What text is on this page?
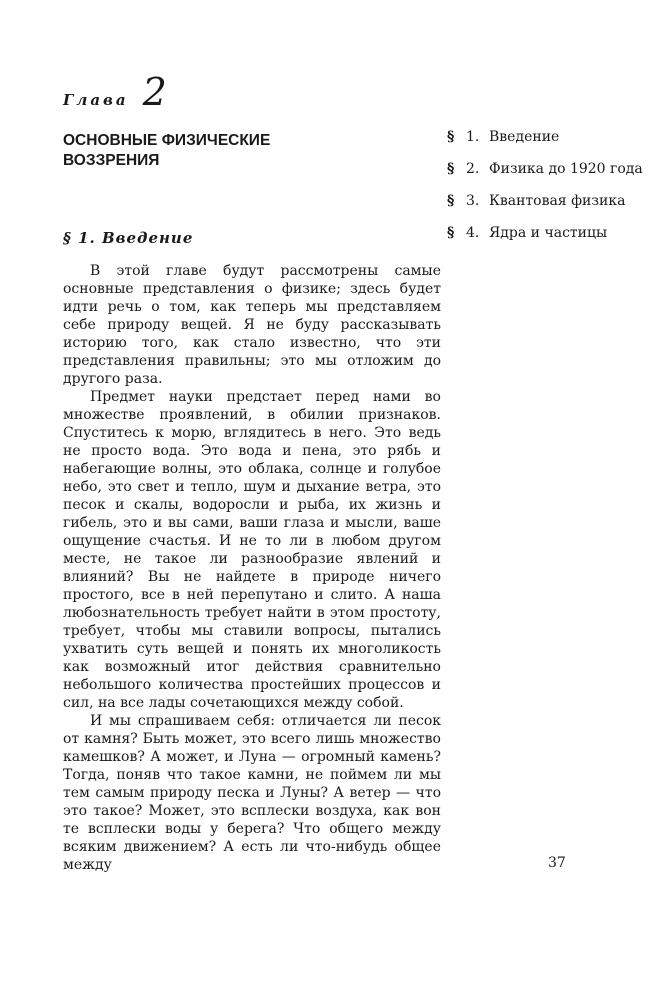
Глава 2
ОСНОВНЫЕ ФИЗИЧЕСКИЕ ВОЗЗРЕНИЯ
§ 1. Введение

В этой главе будут рассмотрены самые основные представления о физике; здесь будет идти речь о том, как теперь мы представляем себе природу вещей. Я не буду рассказывать историю того, как стало известно, что эти представления правильны; это мы отложим до другого раза.

Предмет науки предстает перед нами во множестве проявлений, в обилии признаков. Спуститесь к морю, вглядитесь в него. Это ведь не просто вода. Это вода и пена, это рябь и набегающие волны, это облака, солнце и голубое небо, это свет и тепло, шум и дыхание ветра, это песок и скалы, водоросли и рыба, их жизнь и гибель, это и вы сами, ваши глаза и мысли, ваше ощущение счастья. И не то ли в любом другом месте, не такое ли разнообразие явлений и влияний? Вы не найдете в природе ничего простого, все в ней перепутано и слито. А наша любознательность требует найти в этом простоту, требует, чтобы мы ставили вопросы, пытались ухватить суть вещей и понять их многоликость как возможный итог действия сравнительно небольшого количества простейших процессов и сил, на все лады сочетающихся между собой.

И мы спрашиваем себя: отличается ли песок от камня? Быть может, это всего лишь множество камешков? А может, и Луна — огромный камень? Тогда, поняв что такое камни, не поймем ли мы тем самым природу песка и Луны? А ветер — что это такое? Может, это всплески воздуха, как вон те всплески воды у берега? Что общего между всяким движением? А есть ли что-нибудь общее между

§ 1. Введение
§ 2. Физика до 1920 года
§ 3. Квантовая физика
§ 4. Ядра и частицы
37
